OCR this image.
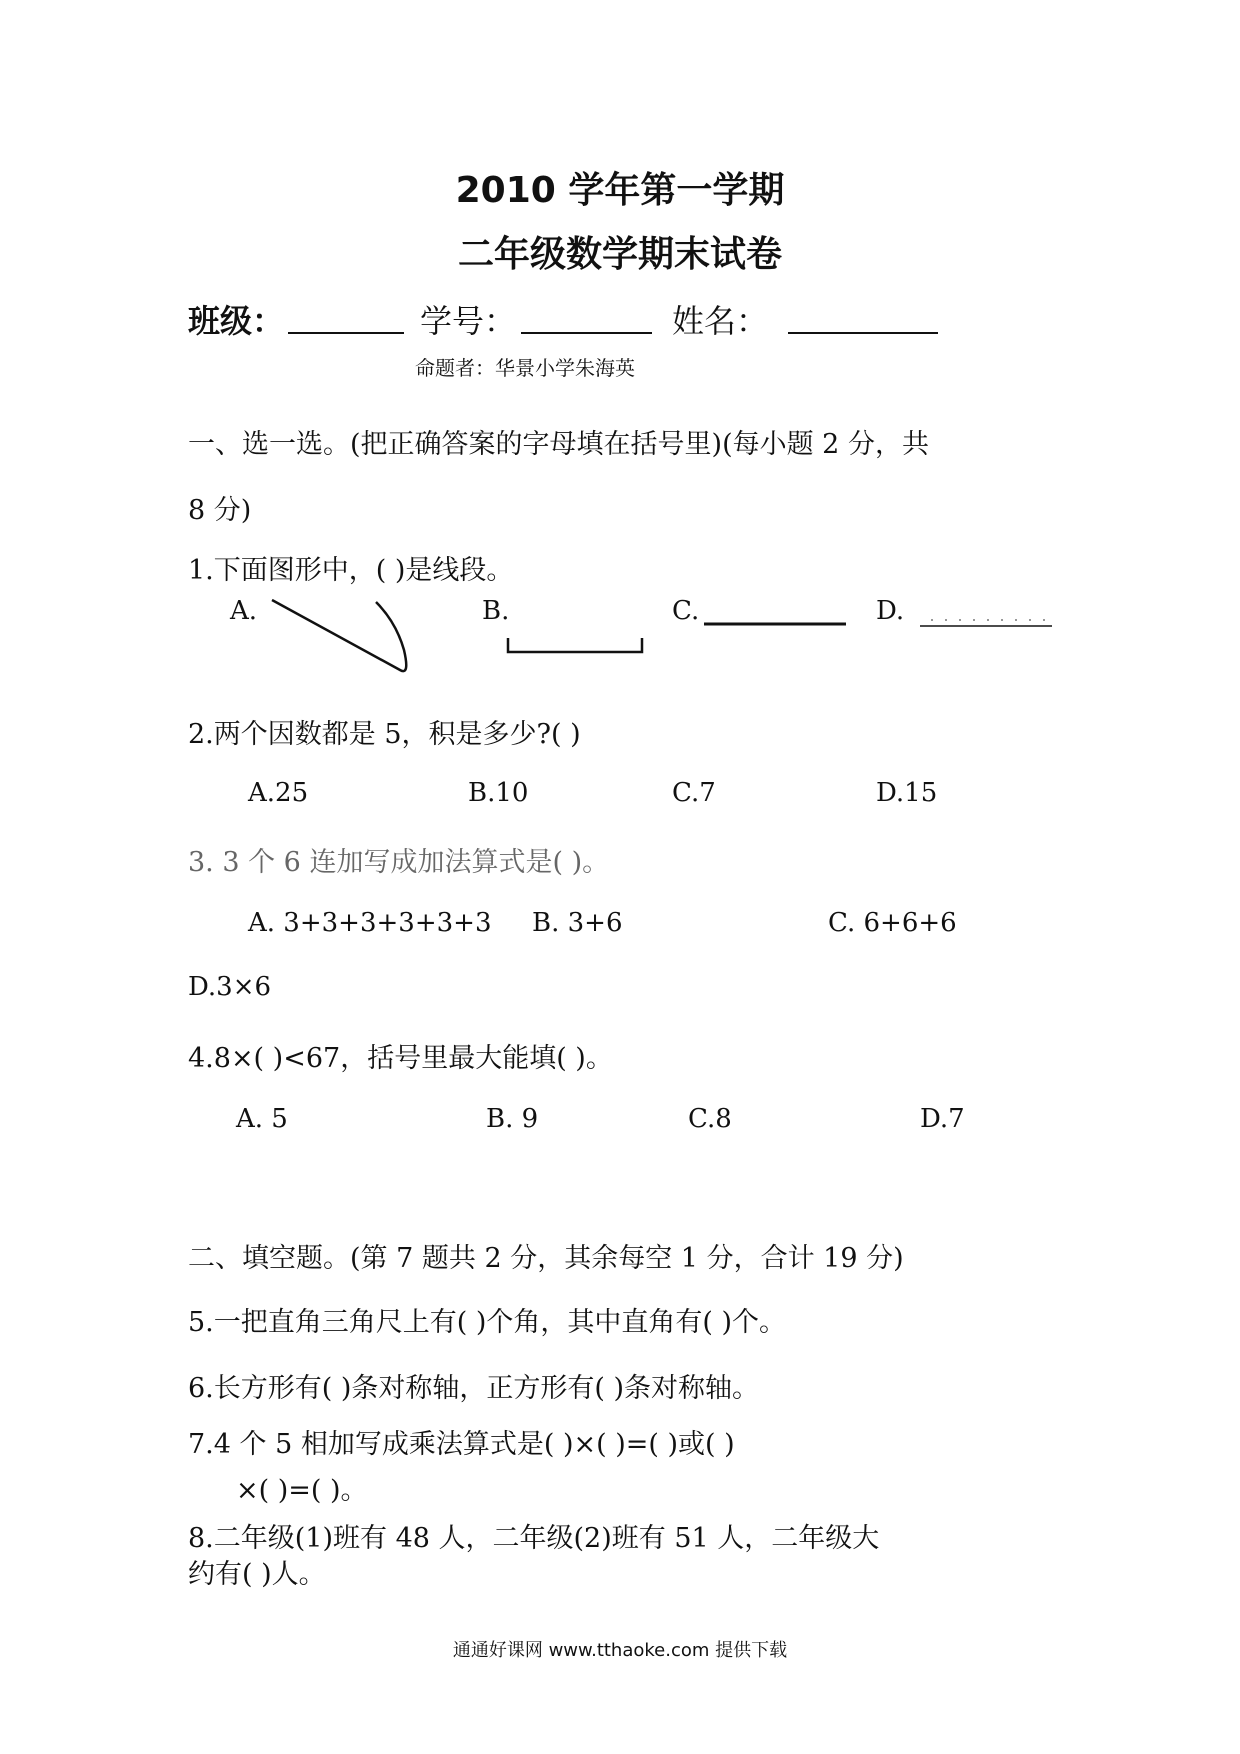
2010 学年第一学期
二年级数学期末试卷
班级：	学号：	姓名：
命题者：华景小学朱海英
一、选一选。(把正确答案的字母填在括号里)(每小题 2 分，共
8 分)
1.下面图形中，( )是线段。
A.	B.	C.	D.
2.两个因数都是 5，积是多少?( )
A.25	B.10	C.7	D.15
3. 3 个 6 连加写成加法算式是( )。
A. 3+3+3+3+3+3 B. 3+6	C. 6+6+6
D.3×6
4.8×( )<67，括号里最大能填( )。
A. 5	B. 9	C.8	D.7
二、填空题。(第 7 题共 2 分，其余每空 1 分，合计 19 分)
5.一把直角三角尺上有( )个角，其中直角有( )个。
6.长方形有( )条对称轴，正方形有( )条对称轴。
7.4 个 5 相加写成乘法算式是( )×( )=( )或( )
×( )=( )。
8.二年级(1)班有 48 人，二年级(2)班有 51 人，二年级大
约有( )人。
通通好课网 www.tthaoke.com 提供下载
